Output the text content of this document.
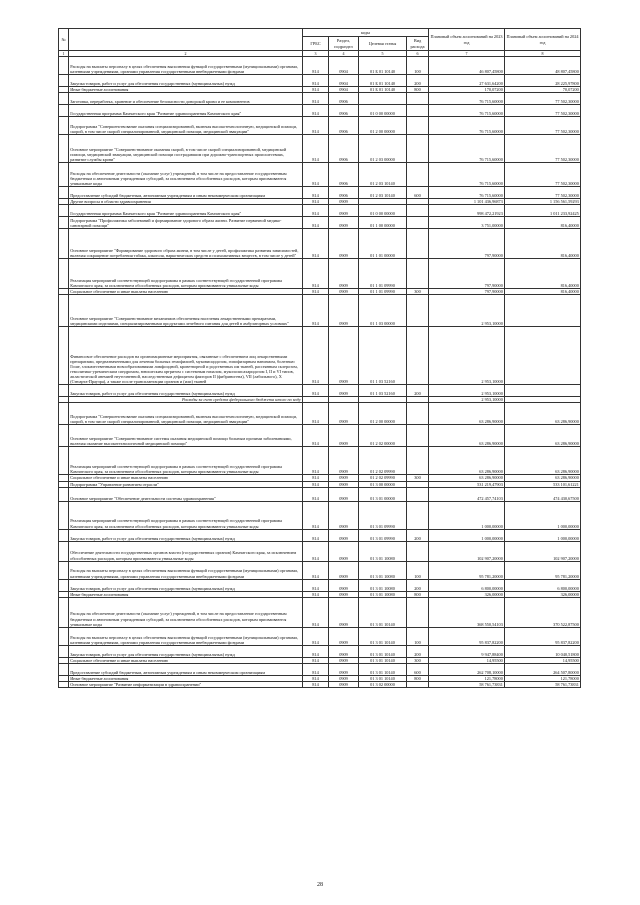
№		коды				Плановый объем ассигнований на 2023 год	Плановый объем ассигнований на 2024 год
		ГРБС	Раздел, подраздел	Целевая статья	Вид расхода		
1	2	3	4	5	6	7	8
	Расходы на выплаты персоналу в целях обеспечения выполнения функций государственными (муниципальными) органами, казенными учреждениями, органами управления государственными внебюджетными фондами	814	0904	01 Б 01 10140	100	46 807,45800	48 807,45800
	Закупка товаров, работ и услуг для обеспечения государственных (муниципальных) нужд	814	0904	01 Б 01 10140	200	27 631,64200	28 225,97800
	Иные бюджетные ассигнования	814	0904	01 Б 01 10140	800	170,07200	70,07200
	Заготовка, переработка, хранение и обеспечение безопасности донорской крови и ее компонентов	814	0906			76 715,60000	77 502,30000
	Государственная программа Камчатского края "Развитие здравоохранения Камчатского края"	814	0906	01 0 00 00000		76 715,60000	77 502,30000
	Подпрограмма "Совершенствование оказания специализированной, включая высокотехнологичную, медицинской помощи, скорой, в том числе скорой специализированной, медицинской помощи, медицинской эвакуации"	814	0906	01 2 00 00000		76 715,60000	77 502,30000
	Основное мероприятие "Совершенствование оказания скорой, в том числе скорой специализированной, медицинской помощи, медицинской эвакуации, медицинской помощи пострадавшим при дорожно-транспортных происшествиях, развитие службы крови"	814	0906	01 2 03 00000		76 715,60000	77 502,30000
	Расходы на обеспечение деятельности (оказание услуг) учреждений, в том числе на предоставление государственным бюджетным и автономным учреждениям субсидий, за исключением обособленных расходов, которым присваиваются уникальные коды	814	0906	01 2 03 10140		76 715,60000	77 502,30000
	Предоставление субсидий бюджетным, автономным учреждениям и иным некоммерческим организациям	814	0906	01 2 03 10140	600	76 715,60000	77 502,30000
	Другие вопросы в области здравоохранения	814	0909			1 101 436,96873	1 156 561,59293
	Государственная программа Камчатского края "Развитие здравоохранения Камчатского края"	814	0909	01 0 00 00000		998 472,21923	1 011 233,92425
	Подпрограмма "Профилактика заболеваний и формирование здорового образа жизни. Развитие первичной медико-санитарной помощи"	814	0909	01 1 00 00000		3 751,00000	816,40000
	Основное мероприятие "Формирование здорового образа жизни, в том числе у детей, профилактика развития зависимостей, включая сокращение потребления табака, алкоголя, наркотических средств и психоактивных веществ, в том числе у детей"	814	0909	01 1 01 00000		797,90000	816,40000
	Реализация мероприятий соответствующей подпрограммы в рамках соответствующей государственной программы Камчатского края, за исключением обособленных расходов, которым присваиваются уникальные коды	814	0909	01 1 01 09990		797,90000	816,40000
	Социальное обеспечение и иные выплаты населению	814	0909	01 1 01 09990	300	797,90000	816,40000
	Основное мероприятие "Совершенствование механизмов обеспечения населения лекарственными препаратами, медицинскими изделиями, специализированными продуктами лечебного питания для детей в амбулаторных условиях"	814	0909	01 1 03 00000		2 953,10000	
	Финансовое обеспечение расходов на организационные мероприятия, связанные с обеспечением лиц лекарственными препаратами, предназначенными для лечения больных гемофилией, муковисцидозом, гипофизарным нанизмом, болезнью Гоше, злокачественными новообразованиями лимфоидной, кроветворной и родственных им тканей, рассеянным склерозом, гемолитико-уремическим синдромом, юношеским артритом с системным началом, мукополисахаридозом I, II и VI типов, апластической анемией неуточненной, наследственным дефицитом факторов II (фибриногена), VII (лабильного), X (Стюарта-Прауэра), а также после трансплантации органов и (или) тканей	814	0909	01 1 03 52160		2 953,10000	
	Закупка товаров, работ и услуг для обеспечения государственных (муниципальных) нужд	814	0909	01 1 03 52160	200	2 953,10000	
	Расходы за счет средств федерального бюджета итого по коду					2 953,10000	
	Подпрограмма "Совершенствование оказания специализированной, включая высокотехнологичную, медицинской помощи, скорой, в том числе скорой специализированной, медицинской помощи, медицинской эвакуации"	814	0909	01 2 00 00000		63 286,90000	63 286,90000
	Основное мероприятие "Совершенствование системы оказания медицинской помощи больным прочими заболеваниями, включая оказание высокотехнологичной медицинской помощи"	814	0909	01 2 02 00000		63 286,90000	63 286,90000
	Реализация мероприятий соответствующей подпрограммы в рамках соответствующей государственной программы Камчатского края, за исключением обособленных расходов, которым присваиваются уникальные коды	814	0909	01 2 02 09990		63 286,90000	63 286,90000
	Социальное обеспечение и иные выплаты населению	814	0909	01 2 02 09990	300	63 286,90000	63 286,90000
	Подпрограмма "Управление развитием отрасли"	814	0909	01 3 00 00000		531 219,47903	533 101,61221
	Основное мероприятие "Обеспечение деятельности системы здравоохранения"	814	0909	01 3 01 00000		472 457,74103	474 430,67500
	Реализация мероприятий соответствующей подпрограммы в рамках соответствующей государственной программы Камчатского края, за исключением обособленных расходов, которым присваиваются уникальные коды	814	0909	01 3 01 09990		1 000,00000	1 000,00000
	Закупка товаров, работ и услуг для обеспечения государственных (муниципальных) нужд	814	0909	01 3 01 09990	200	1 000,00000	1 000,00000
	Обеспечение деятельности государственных органов власти (государственных органов) Камчатского края, за исключением обособленных расходов, которым присваиваются уникальные коды	814	0909	01 3 01 10080		102 907,20000	102 907,20000
	Расходы на выплаты персоналу в целях обеспечения выполнения функций государственными (муниципальными) органами, казенными учреждениями, органами управления государственными внебюджетными фондами	814	0909	01 3 01 10080	100	95 781,20000	95 781,20000
	Закупка товаров, работ и услуг для обеспечения государственных (муниципальных) нужд	814	0909	01 3 01 10080	200	6 800,00000	6 800,00000
	Иные бюджетные ассигнования	814	0909	01 3 01 10080	800	326,00000	326,00000
	Расходы на обеспечение деятельности (оказание услуг) учреждений, в том числе на предоставление государственным бюджетным и автономным учреждениям субсидий, за исключением обособленных расходов, которым присваиваются уникальные коды	814	0909	01 3 01 10140		368 550,54103	370 522,87500
	Расходы на выплаты персоналу в целях обеспечения выполнения функций государственными (муниципальными) органами, казенными учреждениями, органами управления государственными внебюджетными фондами	814	0909	01 3 01 10140	100	95 837,82200	95 837,82200
	Закупка товаров, работ и услуг для обеспечения государственных (муниципальных) нужд	814	0909	01 3 01 10140	200	9 947,88400	10 040,51800
	Социальное обеспечение и иные выплаты населению	814	0909	01 3 01 10140	300	14,95500	14,95500
	Предоставление субсидий бюджетным, автономным учреждениям и иным некоммерческим организациям	814	0909	01 3 01 10140	600	262 708,10000	264 507,80000
	Иные бюджетные ассигнования	814	0909	01 3 01 10140	800	121,78000	121,78000
	Основное мероприятие "Развитие информатизации в здравоохранении"	814	0909	01 3 02 00000		58 761,73831	58 761,73831
28
